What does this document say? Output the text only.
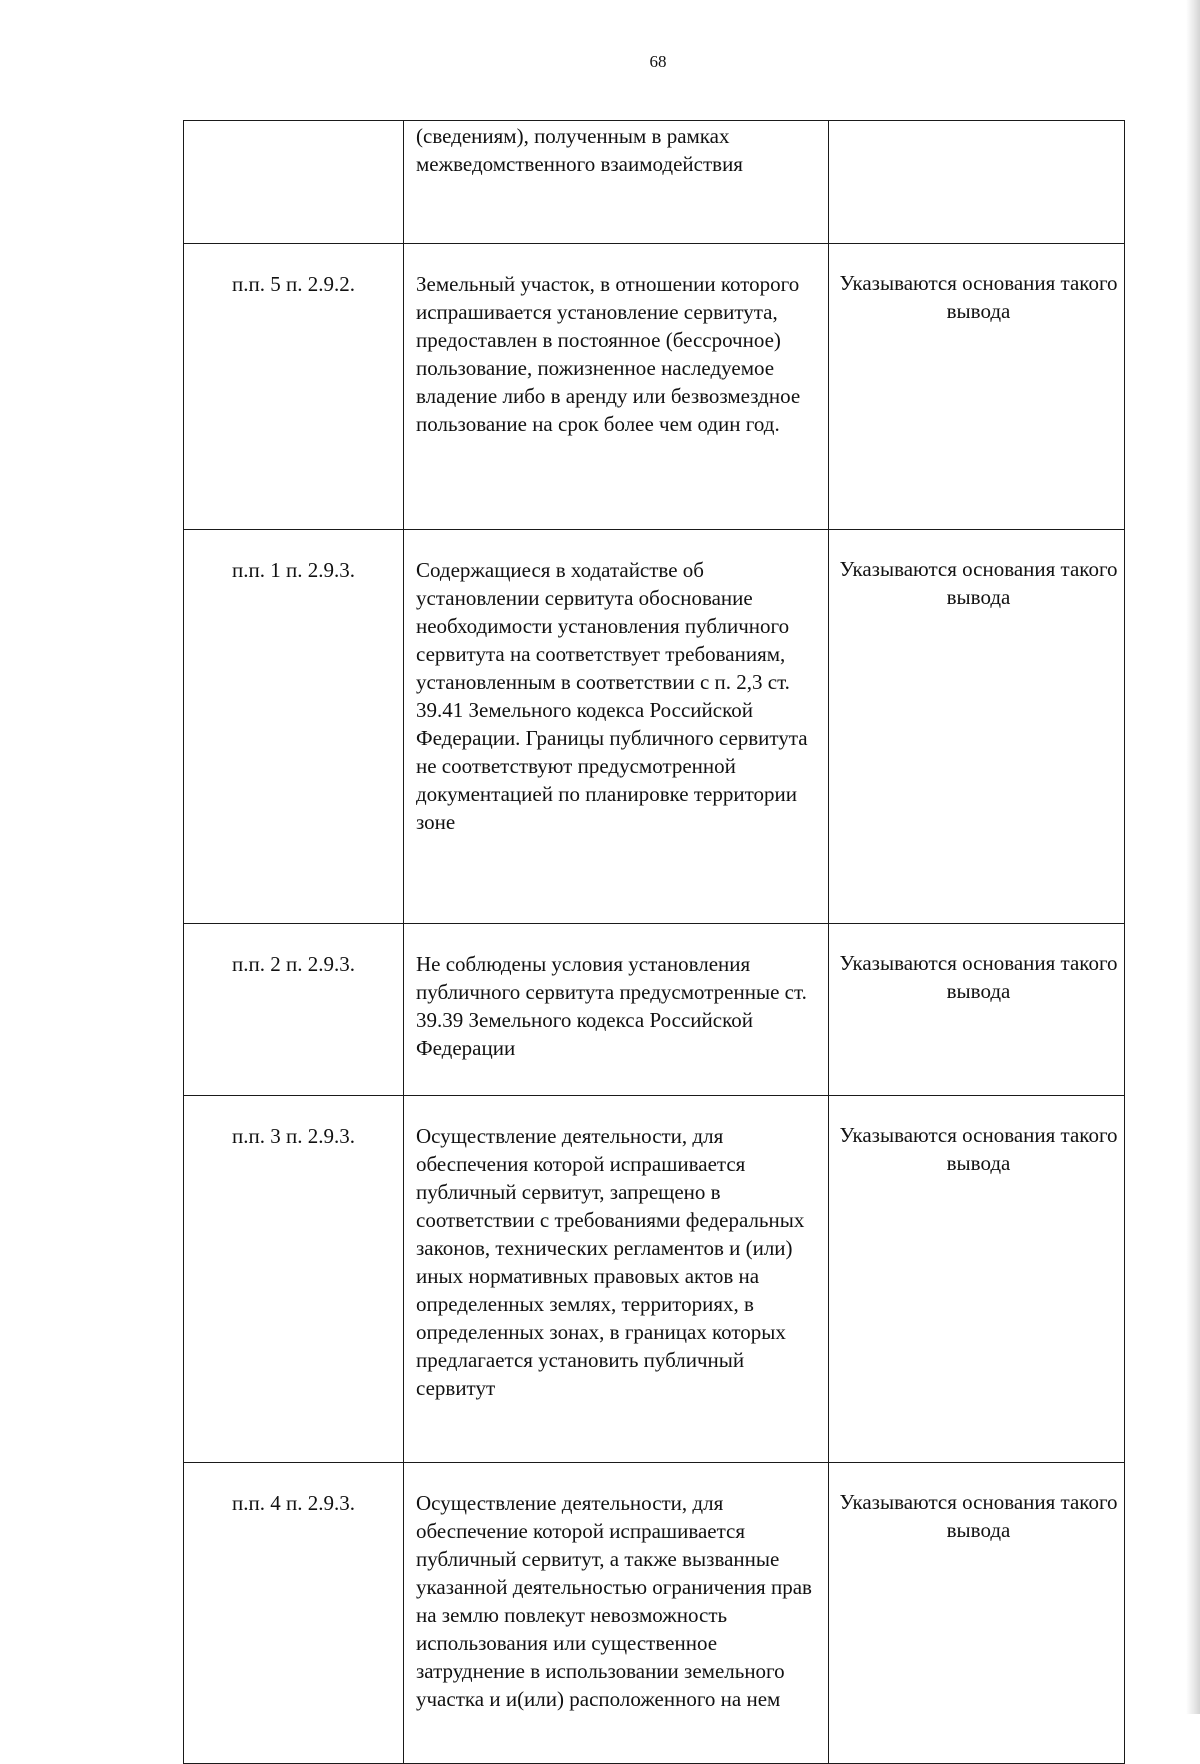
68

	(сведениям), полученным в рамках межведомственного взаимодействия	

п.п. 5 п. 2.9.2.	Земельный участок, в отношении которого испрашивается установление сервитута, предоставлен в постоянное (бессрочное) пользование, пожизненное наследуемое владение либо в аренду или безвозмездное пользование на срок более чем один год.	Указываются основания такого вывода
п.п. 1 п. 2.9.3.	Содержащиеся в ходатайстве об установлении сервитута обоснование необходимости установления публичного сервитута на соответствует требованиям, установленным в соответствии с п. 2,3 ст. 39.41 Земельного кодекса Российской Федерации. Границы публичного сервитута не соответствуют предусмотренной документацией по планировке территории зоне	Указываются основания такого вывода
п.п. 2 п. 2.9.3.	Не соблюдены условия установления публичного сервитута предусмотренные ст. 39.39 Земельного кодекса Российской Федерации	Указываются основания такого вывода
п.п. 3 п. 2.9.3.	Осуществление деятельности, для обеспечения которой испрашивается публичный сервитут, запрещено в соответствии с требованиями федеральных законов, технических регламентов и (или) иных нормативных правовых актов на определенных землях, территориях, в определенных зонах, в границах которых предлагается установить публичный сервитут	Указываются основания такого вывода
п.п. 4 п. 2.9.3.	Осуществление деятельности, для обеспечение которой испрашивается публичный сервитут, а также вызванные указанной деятельностью ограничения прав на землю повлекут невозможность использования или существенное затруднение в использовании земельного участка и и(или) расположенного на нем	Указываются основания такого вывода
